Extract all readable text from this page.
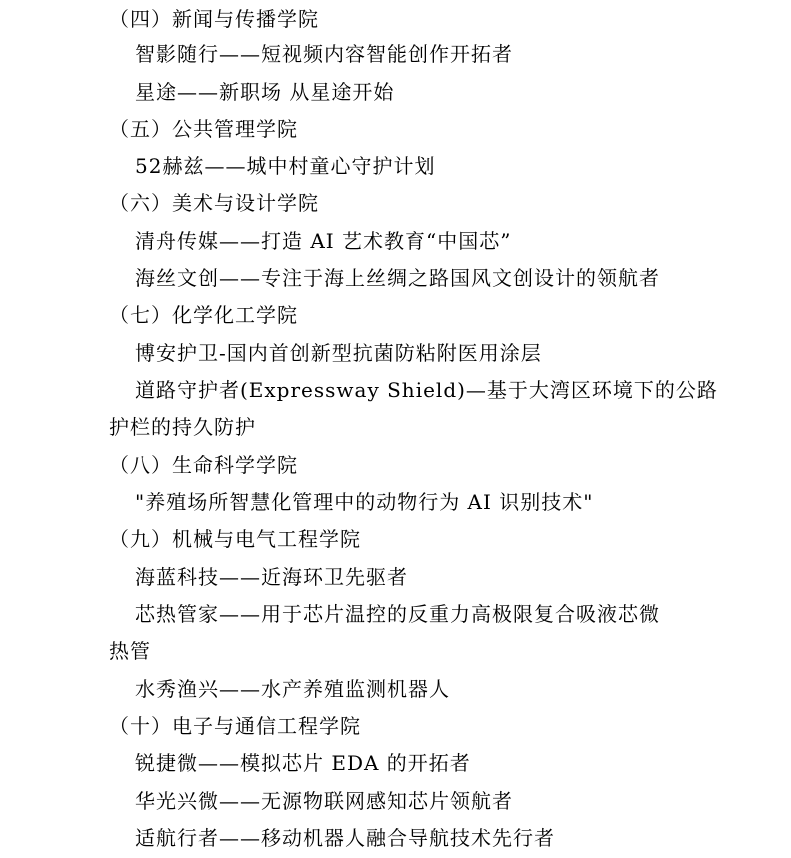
（四）新闻与传播学院
智影随行——短视频内容智能创作开拓者
星途——新职场 从星途开始
（五）公共管理学院
52赫兹——城中村童心守护计划
（六）美术与设计学院
清舟传媒——打造 AI 艺术教育“中国芯”
海丝文创——专注于海上丝绸之路国风文创设计的领航者
（七）化学化工学院
博安护卫-国内首创新型抗菌防粘附医用涂层
道路守护者(Expressway Shield)—基于大湾区环境下的公路
护栏的持久防护
（八）生命科学学院
"养殖场所智慧化管理中的动物行为 AI 识别技术"
（九）机械与电气工程学院
海蓝科技——近海环卫先驱者
芯热管家——用于芯片温控的反重力高极限复合吸液芯微
热管
水秀渔兴——水产养殖监测机器人
（十）电子与通信工程学院
锐捷微——模拟芯片 EDA 的开拓者
华光兴微——无源物联网感知芯片领航者
适航行者——移动机器人融合导航技术先行者
